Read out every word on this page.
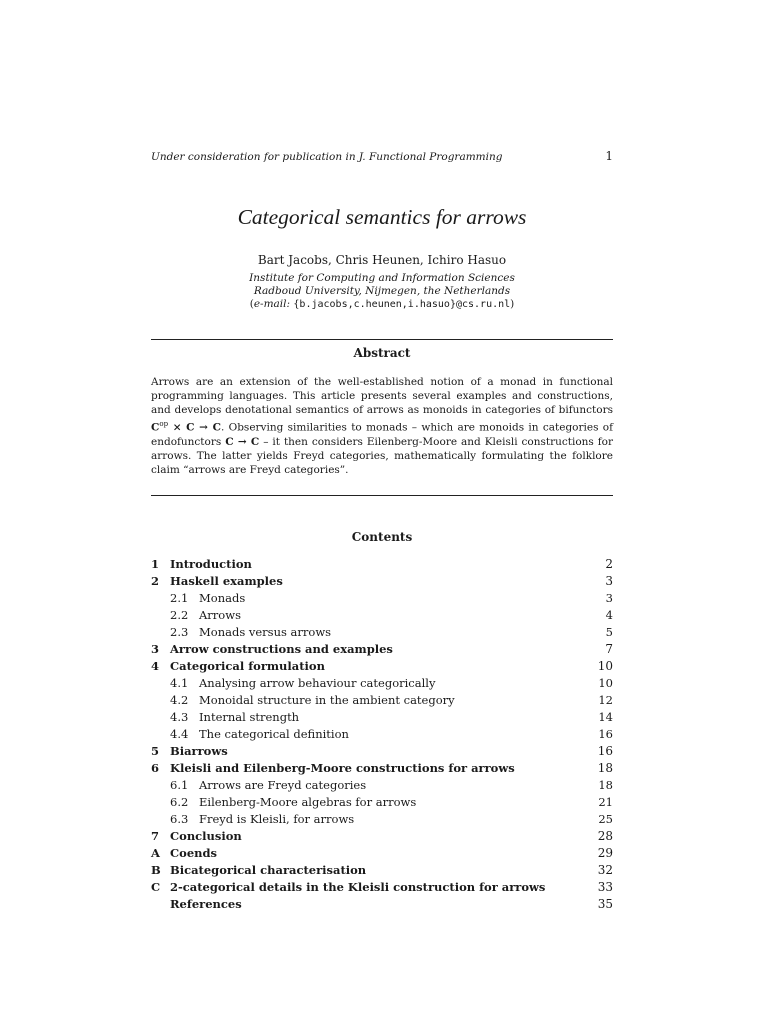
Under consideration for publication in J. Functional Programming	1
Categorical semantics for arrows
Bart Jacobs, Chris Heunen, Ichiro Hasuo
Institute for Computing and Information Sciences
Radboud University, Nijmegen, the Netherlands
(e-mail: {b.jacobs,c.heunen,i.hasuo}@cs.ru.nl)
Abstract
Arrows are an extension of the well-established notion of a monad in functional programming languages. This article presents several examples and constructions, and develops denotational semantics of arrows as monoids in categories of bifunctors $C^{op} \times C \to C$. Observing similarities to monads – which are monoids in categories of endofunctors C → C – it then considers Eilenberg-Moore and Kleisli constructions for arrows. The latter yields Freyd categories, mathematically formulating the folklore claim “arrows are Freyd categories”.
Contents
1 Introduction	2
2 Haskell examples	3
2.1 Monads	3
2.2 Arrows	4
2.3 Monads versus arrows	5
3 Arrow constructions and examples	7
4 Categorical formulation	10
4.1 Analysing arrow behaviour categorically	10
4.2 Monoidal structure in the ambient category	12
4.3 Internal strength	14
4.4 The categorical definition	16
5 Biarrows	16
6 Kleisli and Eilenberg-Moore constructions for arrows	18
6.1 Arrows are Freyd categories	18
6.2 Eilenberg-Moore algebras for arrows	21
6.3 Freyd is Kleisli, for arrows	25
7 Conclusion	28
A Coends	29
B Bicategorical characterisation	32
C 2-categorical details in the Kleisli construction for arrows	33
References	35
